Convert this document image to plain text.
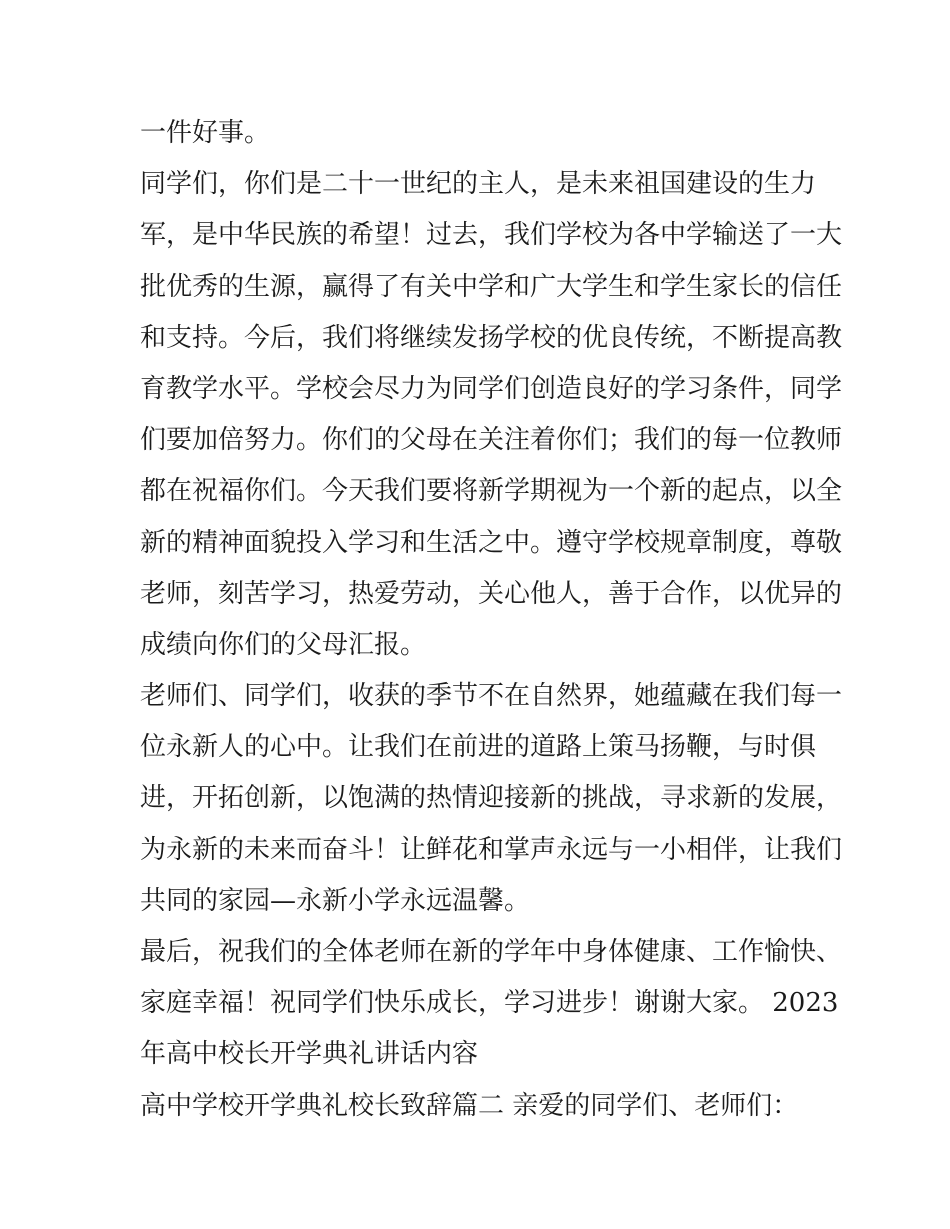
一件好事。
同学们，你们是二十一世纪的主人，是未来祖国建设的生力
军，是中华民族的希望！过去，我们学校为各中学输送了一大
批优秀的生源，赢得了有关中学和广大学生和学生家长的信任
和支持。今后，我们将继续发扬学校的优良传统，不断提高教
育教学水平。学校会尽力为同学们创造良好的学习条件，同学
们要加倍努力。你们的父母在关注着你们；我们的每一位教师
都在祝福你们。今天我们要将新学期视为一个新的起点，以全
新的精神面貌投入学习和生活之中。遵守学校规章制度，尊敬
老师，刻苦学习，热爱劳动，关心他人，善于合作，以优异的
成绩向你们的父母汇报。
老师们、同学们，收获的季节不在自然界，她蕴藏在我们每一
位永新人的心中。让我们在前进的道路上策马扬鞭，与时俱
进，开拓创新，以饱满的热情迎接新的挑战，寻求新的发展，
为永新的未来而奋斗！让鲜花和掌声永远与一小相伴，让我们
共同的家园—永新小学永远温馨。
最后，祝我们的全体老师在新的学年中身体健康、工作愉快、
家庭幸福！祝同学们快乐成长，学习进步！谢谢大家。 2023
年高中校长开学典礼讲话内容
高中学校开学典礼校长致辞篇二 亲爱的同学们、老师们：
